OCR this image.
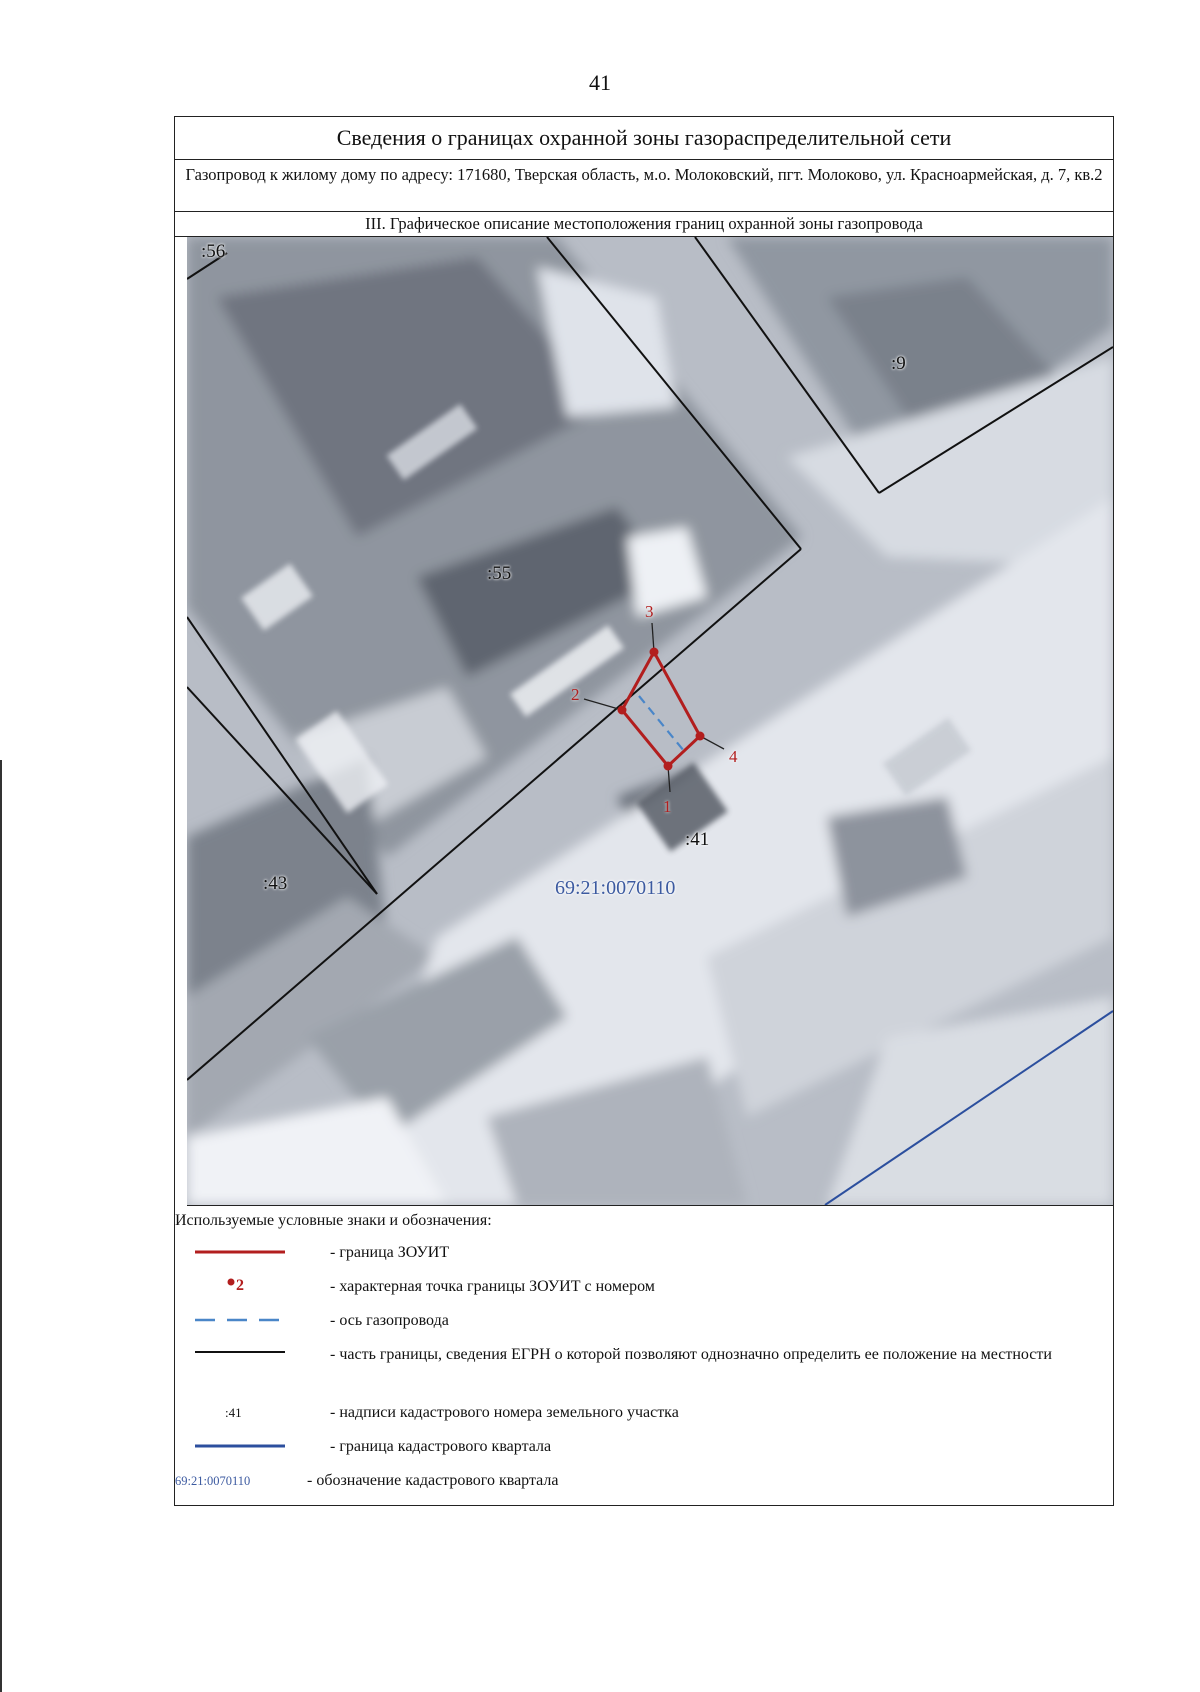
41
Сведения о границах охранной зоны газораспределительной сети
Газопровод к жилому дому по адресу: 171680, Тверская область, м.о. Молоковский, пгт. Молоково, ул. Красноармейская, д. 7, кв.2
III. Графическое описание местоположения границ охранной зоны газопровода
:56
:9
:55
:41
:43	69:21:0070110
1
2
3
4
Используемые условные знаки и обозначения:
- граница ЗОУИТ
2	- характерная точка границы ЗОУИТ с номером
- ось газопровода
- часть границы, сведения ЕГРН о которой позволяют однозначно определить ее положение на местности
:41	- надписи кадастрового номера земельного участка
- граница кадастрового квартала
69:21:0070110	- обозначение кадастрового квартала
